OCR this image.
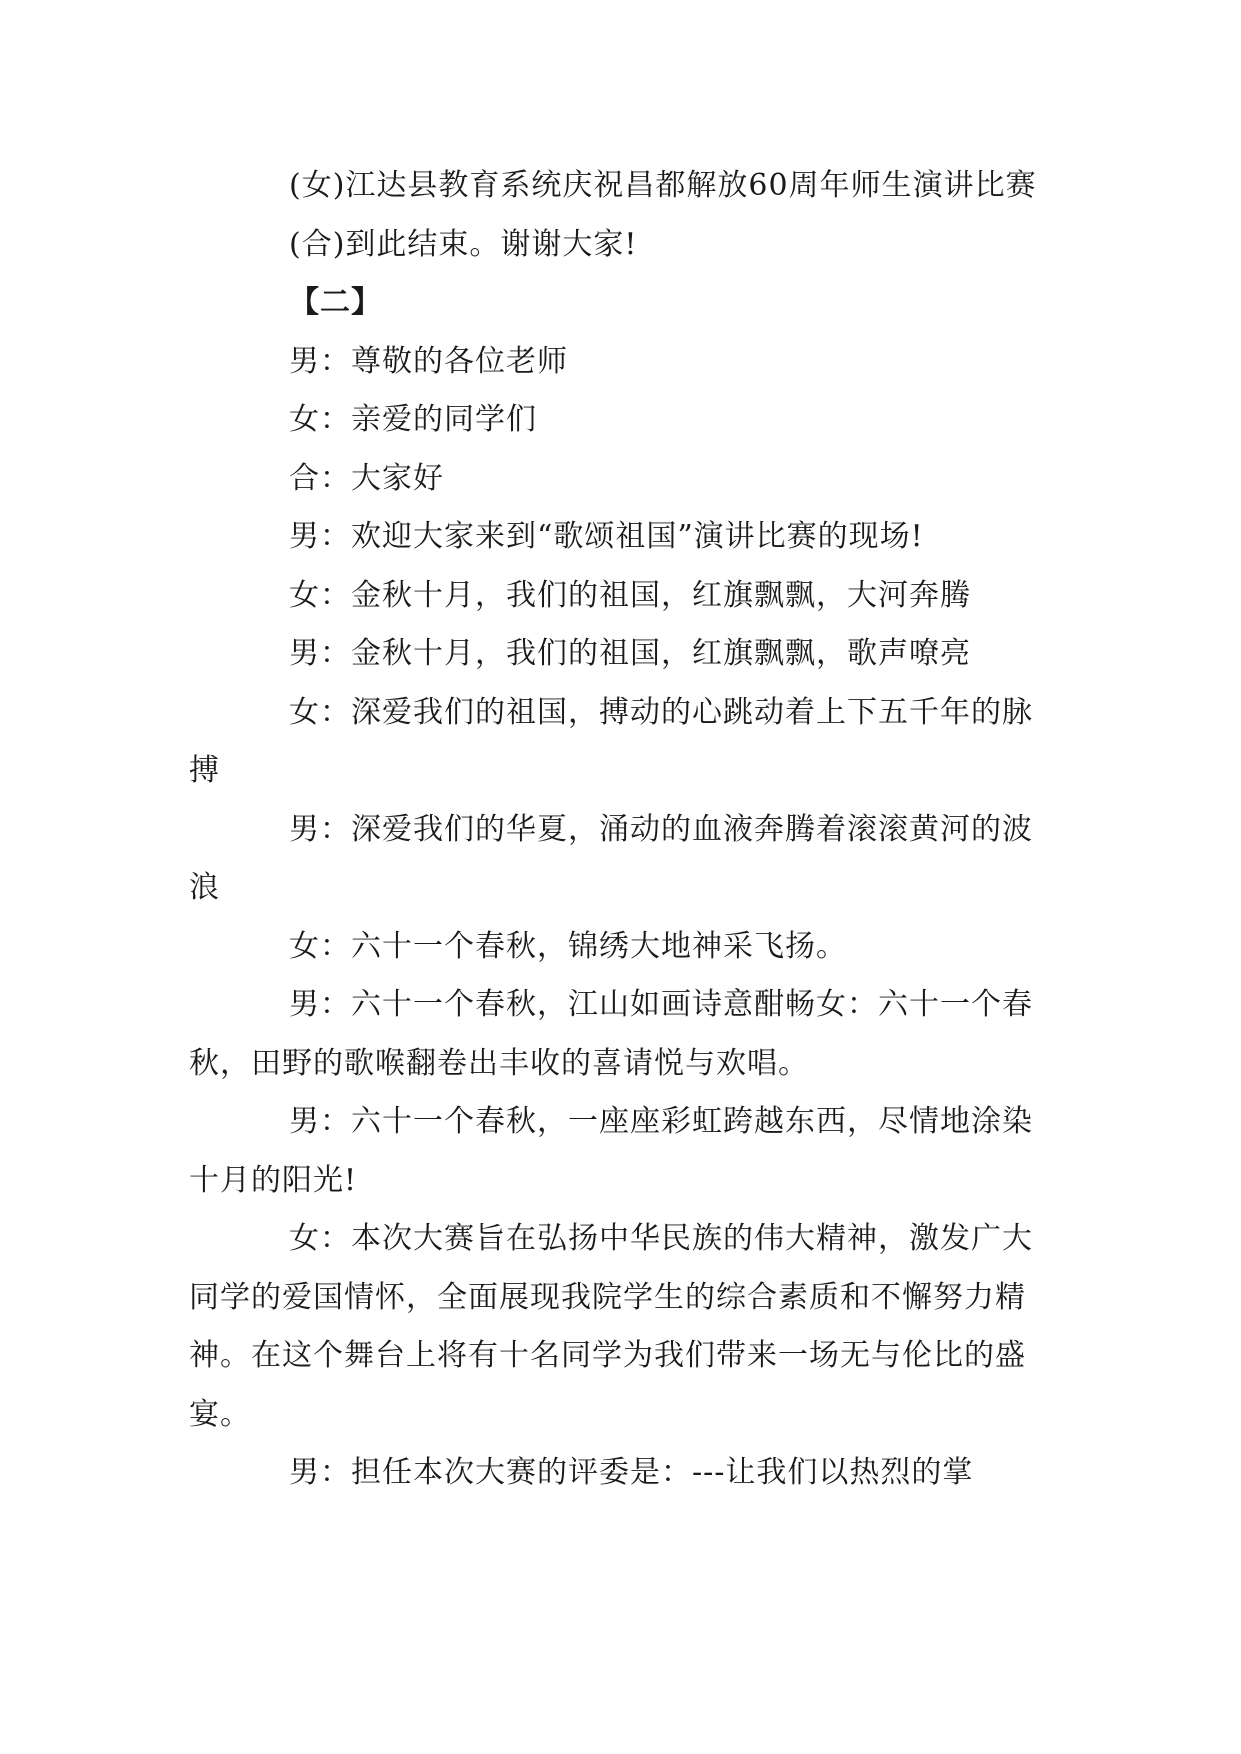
(女)江达县教育系统庆祝昌都解放60周年师生演讲比赛

(合)到此结束。谢谢大家!

【二】

男：尊敬的各位老师

女：亲爱的同学们

合：大家好

男：欢迎大家来到“歌颂祖国”演讲比赛的现场!

女：金秋十月，我们的祖国，红旗飘飘，大河奔腾

男：金秋十月，我们的祖国，红旗飘飘，歌声嘹亮

女：深爱我们的祖国，搏动的心跳动着上下五千年的脉搏

男：深爱我们的华夏，涌动的血液奔腾着滚滚黄河的波浪

女：六十一个春秋，锦绣大地神采飞扬。

男：六十一个春秋，江山如画诗意酣畅女：六十一个春秋，田野的歌喉翻卷出丰收的喜请悦与欢唱。

男：六十一个春秋，一座座彩虹跨越东西，尽情地涂染十月的阳光!

女：本次大赛旨在弘扬中华民族的伟大精神，激发广大同学的爱国情怀，全面展现我院学生的综合素质和不懈努力精神。在这个舞台上将有十名同学为我们带来一场无与伦比的盛宴。

男：担任本次大赛的评委是：---让我们以热烈的掌
